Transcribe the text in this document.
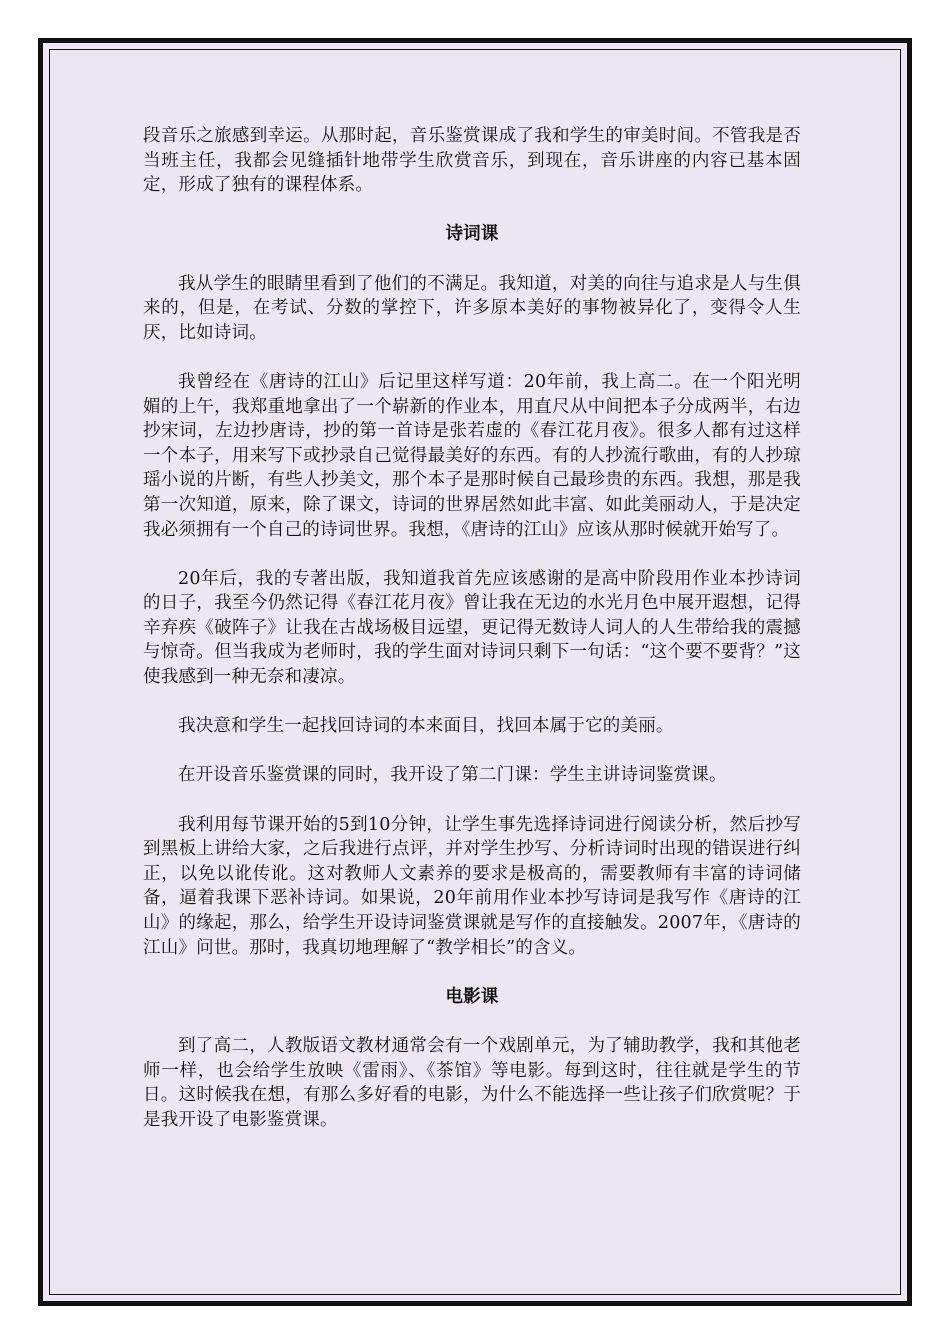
段音乐之旅感到幸运。从那时起，音乐鉴赏课成了我和学生的审美时间。不管我是否当班主任，我都会见缝插针地带学生欣赏音乐，到现在，音乐讲座的内容已基本固定，形成了独有的课程体系。

诗词课

我从学生的眼睛里看到了他们的不满足。我知道，对美的向往与追求是人与生俱来的，但是，在考试、分数的掌控下，许多原本美好的事物被异化了，变得令人生厌，比如诗词。

我曾经在《唐诗的江山》后记里这样写道：20年前，我上高二。在一个阳光明媚的上午，我郑重地拿出了一个崭新的作业本，用直尺从中间把本子分成两半，右边抄宋词，左边抄唐诗，抄的第一首诗是张若虚的《春江花月夜》。很多人都有过这样一个本子，用来写下或抄录自己觉得最美好的东西。有的人抄流行歌曲，有的人抄琼瑶小说的片断，有些人抄美文，那个本子是那时候自己最珍贵的东西。我想，那是我第一次知道，原来，除了课文，诗词的世界居然如此丰富、如此美丽动人，于是决定我必须拥有一个自己的诗词世界。我想，《唐诗的江山》应该从那时候就开始写了。

20年后，我的专著出版，我知道我首先应该感谢的是高中阶段用作业本抄诗词的日子，我至今仍然记得《春江花月夜》曾让我在无边的水光月色中展开遐想，记得辛弃疾《破阵子》让我在古战场极目远望，更记得无数诗人词人的人生带给我的震撼与惊奇。但当我成为老师时，我的学生面对诗词只剩下一句话：“这个要不要背？”这使我感到一种无奈和凄凉。

我决意和学生一起找回诗词的本来面目，找回本属于它的美丽。

在开设音乐鉴赏课的同时，我开设了第二门课：学生主讲诗词鉴赏课。

我利用每节课开始的5到10分钟，让学生事先选择诗词进行阅读分析，然后抄写到黑板上讲给大家，之后我进行点评，并对学生抄写、分析诗词时出现的错误进行纠正，以免以讹传讹。这对教师人文素养的要求是极高的，需要教师有丰富的诗词储备，逼着我课下恶补诗词。如果说，20年前用作业本抄写诗词是我写作《唐诗的江山》的缘起，那么，给学生开设诗词鉴赏课就是写作的直接触发。2007年，《唐诗的江山》问世。那时，我真切地理解了“教学相长”的含义。

电影课

到了高二，人教版语文教材通常会有一个戏剧单元，为了辅助教学，我和其他老师一样，也会给学生放映《雷雨》、《茶馆》等电影。每到这时，往往就是学生的节日。这时候我在想，有那么多好看的电影，为什么不能选择一些让孩子们欣赏呢？于是我开设了电影鉴赏课。
